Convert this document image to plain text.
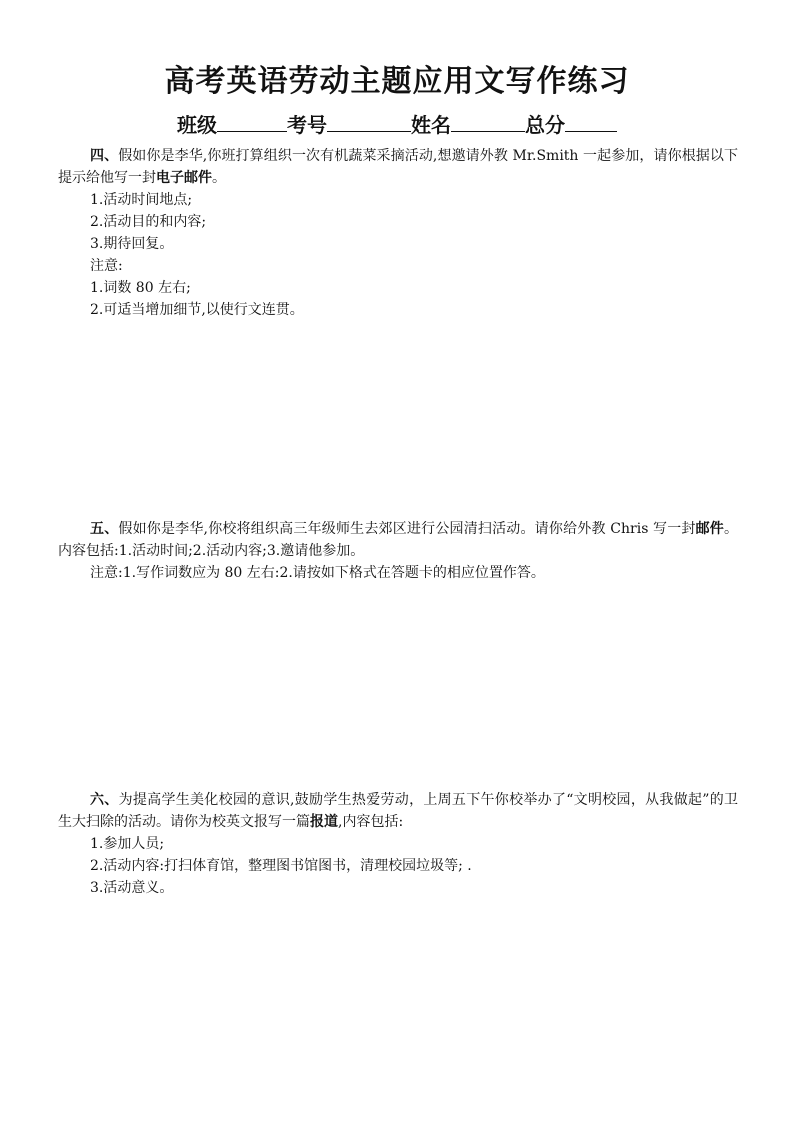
高考英语劳动主题应用文写作练习
班级	考号	姓名	总分

四、假如你是李华,你班打算组织一次有机蔬菜采摘活动,想邀请外教 Mr.Smith 一起参加，请你根据以下提示给他写一封电子邮件。

1.活动时间地点;

2.活动目的和内容;

3.期待回复。

注意:

1.词数 80 左右;

2.可适当增加细节,以使行文连贯。

五、假如你是李华,你校将组织高三年级师生去郊区进行公园清扫活动。请你给外教 Chris 写一封邮件。内容包括:1.活动时间;2.活动内容;3.邀请他参加。

注意:1.写作词数应为 80 左右:2.请按如下格式在答题卡的相应位置作答。

六、为提高学生美化校园的意识,鼓励学生热爱劳动，上周五下午你校举办了“文明校园，从我做起”的卫生大扫除的活动。请你为校英文报写一篇报道,内容包括:

1.参加人员;

2.活动内容:打扫体育馆，整理图书馆图书，清理校园垃圾等; .

3.活动意义。
